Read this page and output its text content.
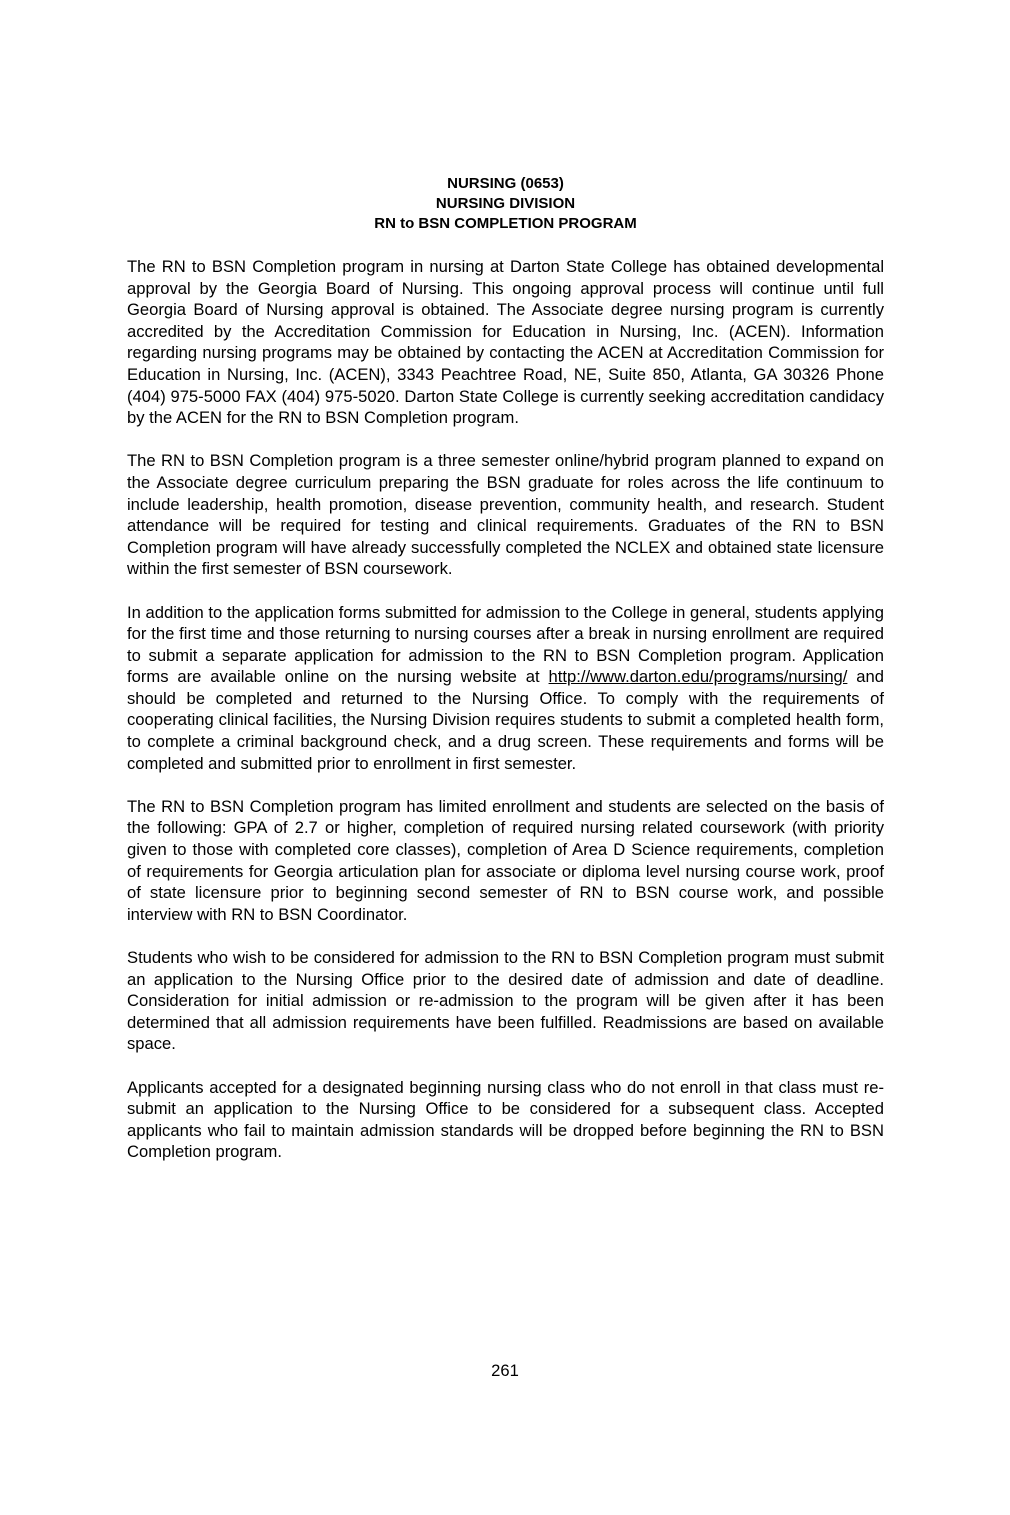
NURSING (0653)

NURSING DIVISION

RN to BSN COMPLETION PROGRAM

The RN to BSN Completion program in nursing at Darton State College has obtained developmental approval by the Georgia Board of Nursing. This ongoing approval process will continue until full Georgia Board of Nursing approval is obtained. The Associate degree nursing program is currently accredited by the Accreditation Commission for Education in Nursing, Inc. (ACEN). Information regarding nursing programs may be obtained by contacting the ACEN at Accreditation Commission for Education in Nursing, Inc. (ACEN), 3343 Peachtree Road, NE, Suite 850, Atlanta, GA 30326 Phone (404) 975-5000 FAX (404) 975-5020. Darton State College is currently seeking accreditation candidacy by the ACEN for the RN to BSN Completion program.

The RN to BSN Completion program is a three semester online/hybrid program planned to expand on the Associate degree curriculum preparing the BSN graduate for roles across the life continuum to include leadership, health promotion, disease prevention, community health, and research. Student attendance will be required for testing and clinical requirements. Graduates of the RN to BSN Completion program will have already successfully completed the NCLEX and obtained state licensure within the first semester of BSN coursework.

In addition to the application forms submitted for admission to the College in general, students applying for the first time and those returning to nursing courses after a break in nursing enrollment are required to submit a separate application for admission to the RN to BSN Completion program. Application forms are available online on the nursing website at http://www.darton.edu/programs/nursing/ and should be completed and returned to the Nursing Office. To comply with the requirements of cooperating clinical facilities, the Nursing Division requires students to submit a completed health form, to complete a criminal background check, and a drug screen. These requirements and forms will be completed and submitted prior to enrollment in first semester.

The RN to BSN Completion program has limited enrollment and students are selected on the basis of the following: GPA of 2.7 or higher, completion of required nursing related coursework (with priority given to those with completed core classes), completion of Area D Science requirements, completion of requirements for Georgia articulation plan for associate or diploma level nursing course work, proof of state licensure prior to beginning second semester of RN to BSN course work, and possible interview with RN to BSN Coordinator.

Students who wish to be considered for admission to the RN to BSN Completion program must submit an application to the Nursing Office prior to the desired date of admission and date of deadline. Consideration for initial admission or re-admission to the program will be given after it has been determined that all admission requirements have been fulfilled. Readmissions are based on available space.

Applicants accepted for a designated beginning nursing class who do not enroll in that class must re-submit an application to the Nursing Office to be considered for a subsequent class. Accepted applicants who fail to maintain admission standards will be dropped before beginning the RN to BSN Completion program.

261
